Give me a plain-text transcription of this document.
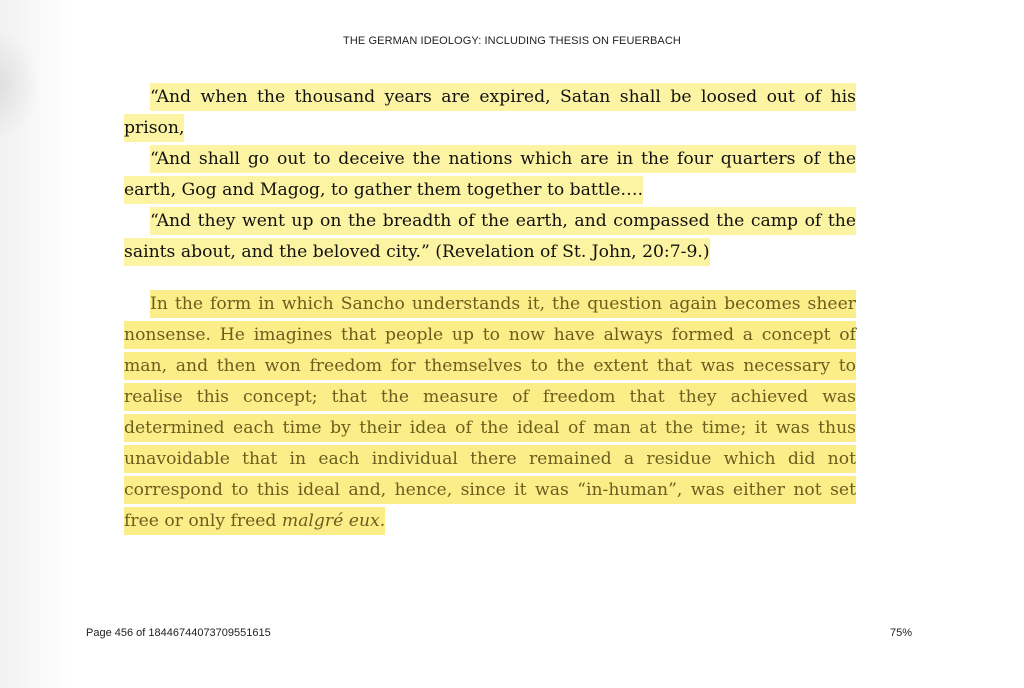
THE GERMAN IDEOLOGY: INCLUDING THESIS ON FEUERBACH

“And when the thousand years are expired, Satan shall be loosed out of his prison,

“And shall go out to deceive the nations which are in the four quarters of the earth, Gog and Magog, to gather them together to battle….

“And they went up on the breadth of the earth, and compassed the camp of the saints about, and the beloved city.” (Revelation of St. John, 20:7-9.)

In the form in which Sancho understands it, the question again becomes sheer nonsense. He imagines that people up to now have always formed a concept of man, and then won freedom for themselves to the extent that was necessary to realise this concept; that the measure of freedom that they achieved was determined each time by their idea of the ideal of man at the time; it was thus unavoidable that in each individual there remained a residue which did not correspond to this ideal and, hence, since it was “in-human”, was either not set free or only freed malgré eux.

Page 456 of 18446744073709551615	75%
